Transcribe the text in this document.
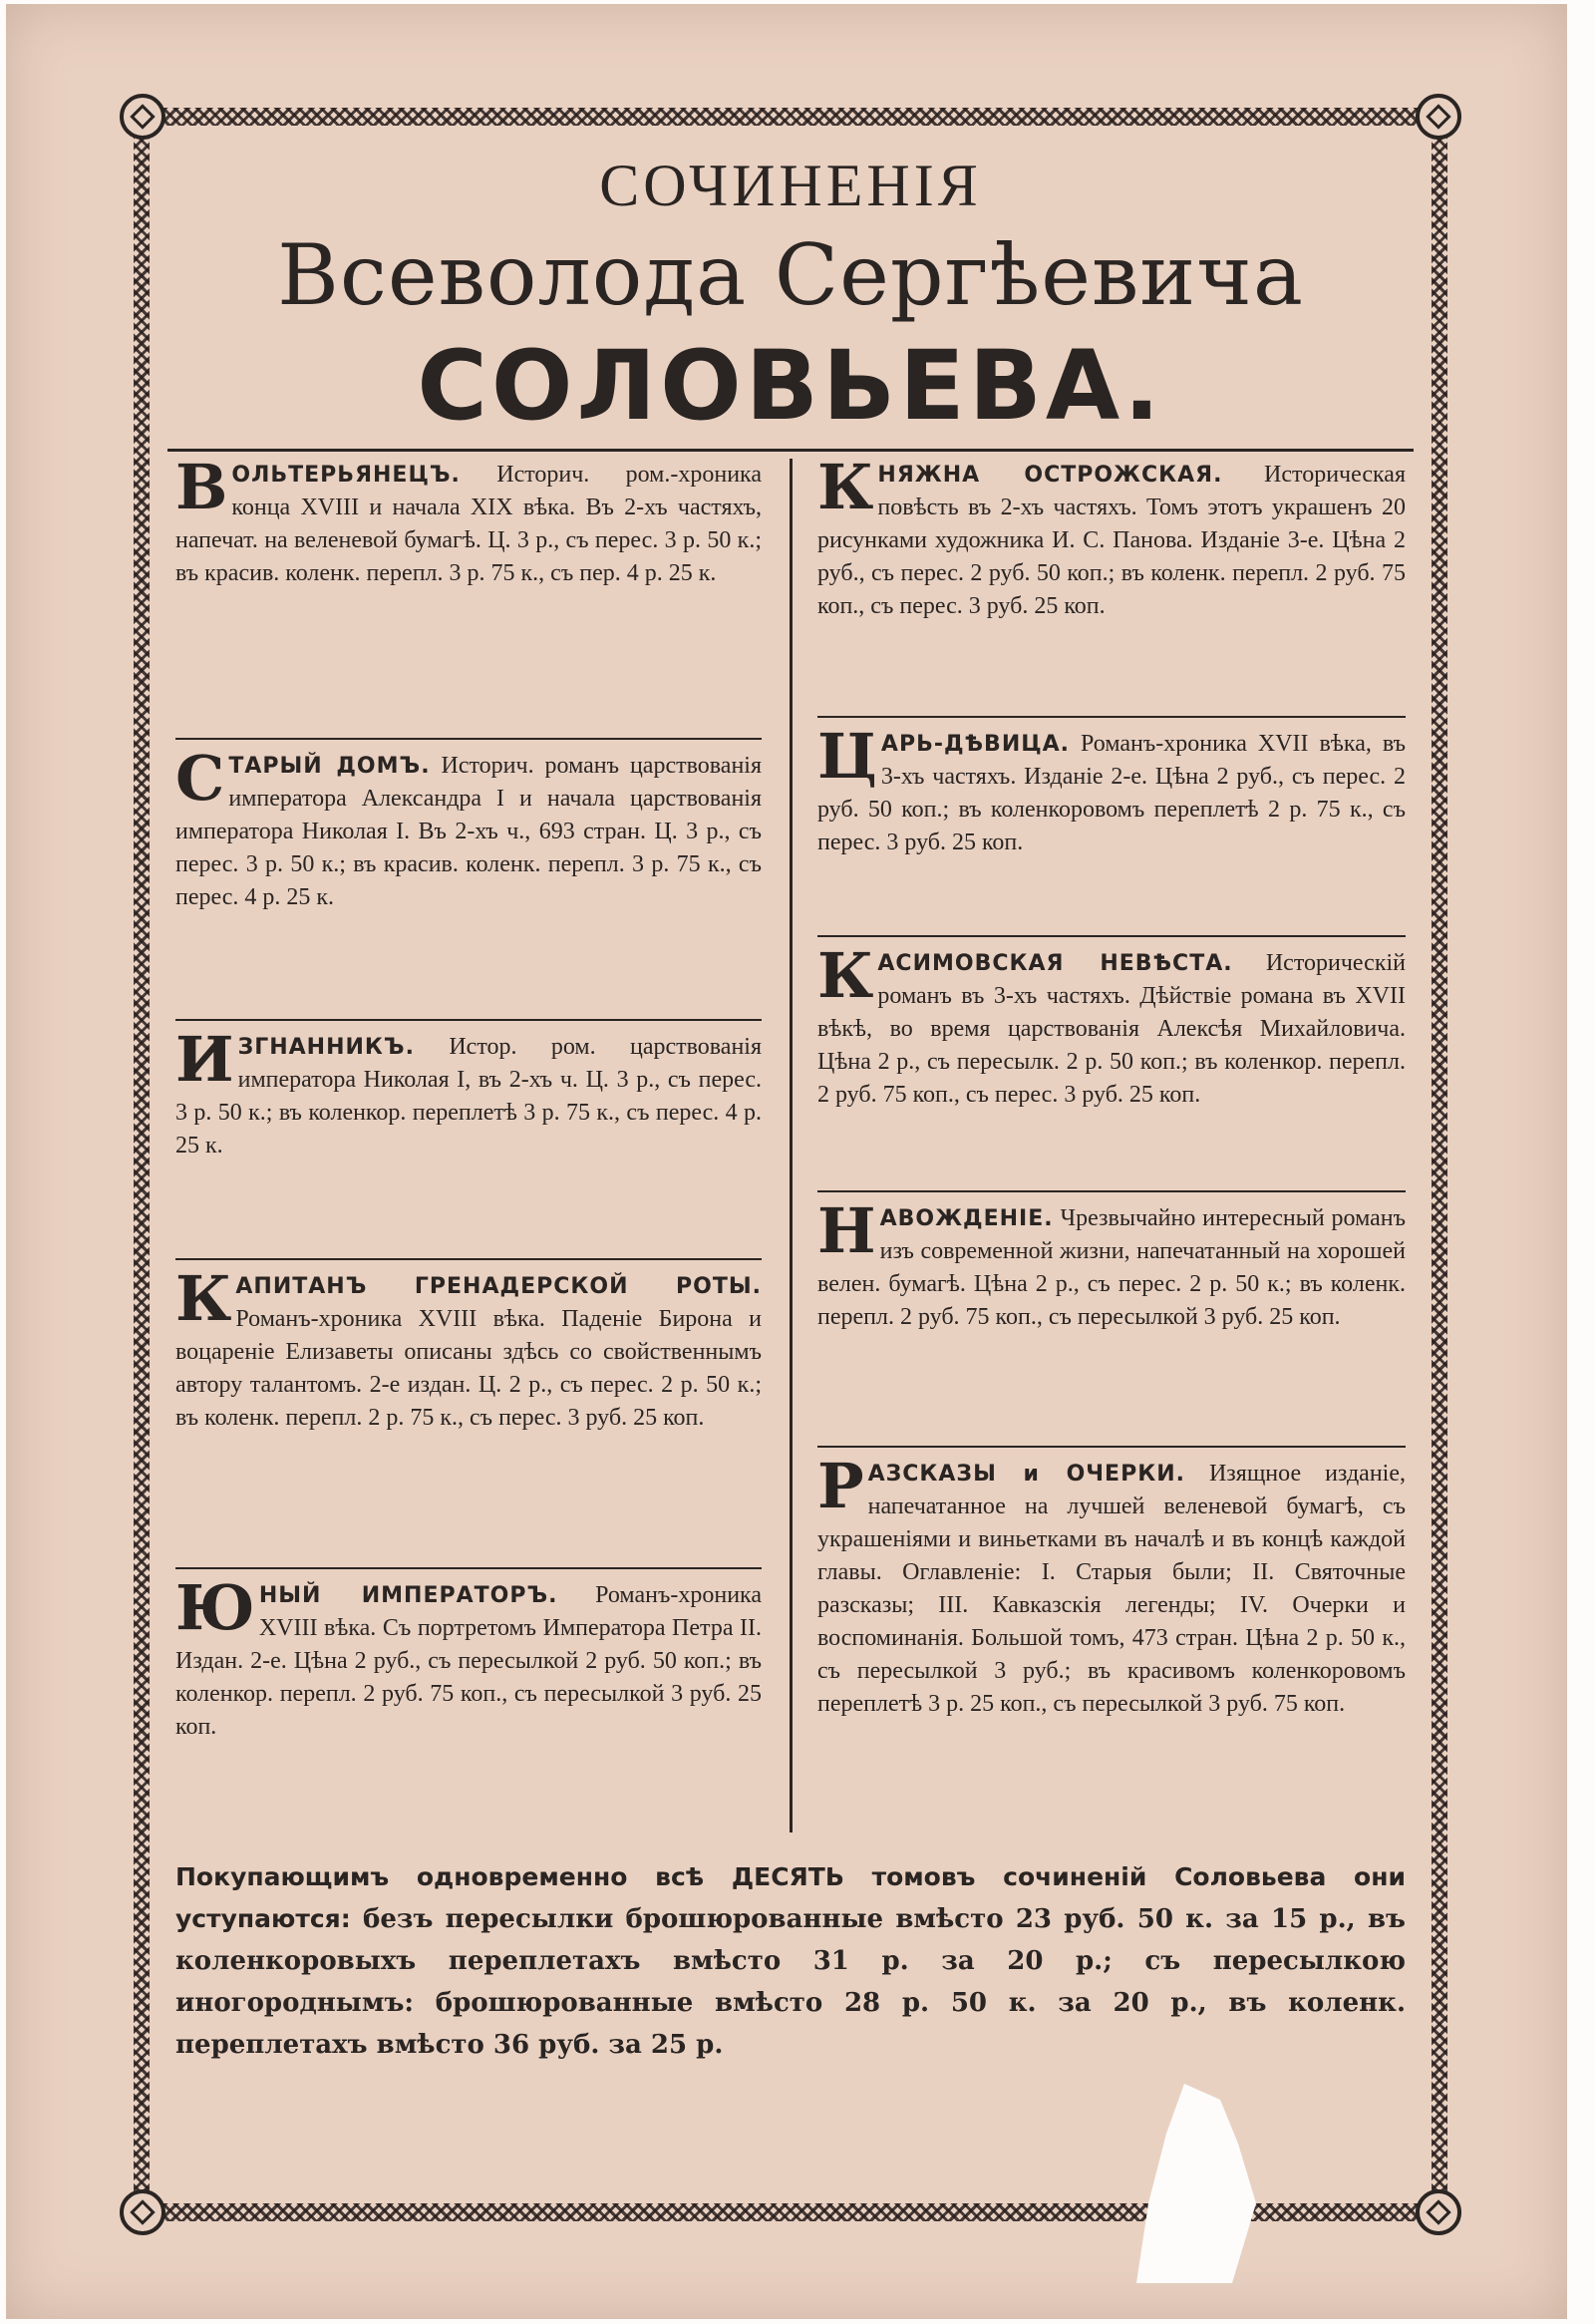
СОЧИНЕНIЯ
Всеволода Сергѣевича
СОЛОВЬЕВА.

ВОЛЬТЕРЬЯНЕЦЪ. Историч. ром.-хроника конца XVIII и начала XIX вѣка. Въ 2-хъ частяхъ, напечат. на веленевой бумагѣ. Ц. 3 р., съ перес. 3 р. 50 к.; въ красив. коленк. перепл. 3 р. 75 к., съ пер. 4 р. 25 к.

СТАРЫЙ ДОМЪ. Историч. романъ царствованія императора Александра I и начала царствованія императора Николая I. Въ 2-хъ ч., 693 стран. Ц. 3 р., съ перес. 3 р. 50 к.; въ красив. коленк. перепл. 3 р. 75 к., съ перес. 4 р. 25 к.

ИЗГНАННИКЪ. Истор. ром. царствованія императора Николая I, въ 2-хъ ч. Ц. 3 р., съ перес. 3 р. 50 к.; въ коленкор. переплетѣ 3 р. 75 к., съ перес. 4 р. 25 к.

КАПИТАНЪ ГРЕНАДЕРСКОЙ РОТЫ. Романъ-хроника XVIII вѣка. Паденіе Бирона и воцареніе Елизаветы описаны здѣсь со свойственнымъ автору талантомъ. 2-е издан. Ц. 2 р., съ перес. 2 р. 50 к.; въ коленк. перепл. 2 р. 75 к., съ перес. 3 руб. 25 коп.

ЮНЫЙ ИМПЕРАТОРЪ. Романъ-хроника XVIII вѣка. Съ портретомъ Императора Петра II. Издан. 2-е. Цѣна 2 руб., съ пересылкой 2 руб. 50 коп.; въ коленкор. перепл. 2 руб. 75 коп., съ пересылкой 3 руб. 25 коп.

КНЯЖНА ОСТРОЖСКАЯ. Историческая повѣсть въ 2-хъ частяхъ. Томъ этотъ украшенъ 20 рисунками художника И. С. Панова. Изданіе 3-е. Цѣна 2 руб., съ перес. 2 руб. 50 коп.; въ коленк. перепл. 2 руб. 75 коп., съ перес. 3 руб. 25 коп.

ЦАРЬ-ДѢВИЦА. Романъ-хроника XVII вѣка, въ 3-хъ частяхъ. Изданіе 2-е. Цѣна 2 руб., съ перес. 2 руб. 50 коп.; въ коленкоровомъ переплетѣ 2 р. 75 к., съ перес. 3 руб. 25 коп.

КАСИМОВСКАЯ НЕВѢСТА. Историческій романъ въ 3-хъ частяхъ. Дѣйствіе романа въ XVII вѣкѣ, во время царствованія Алексѣя Михайловича. Цѣна 2 р., съ пересылк. 2 р. 50 коп.; въ коленкор. перепл. 2 руб. 75 коп., съ перес. 3 руб. 25 коп.

НАВОЖДЕНІЕ. Чрезвычайно интересный романъ изъ современной жизни, напечатанный на хорошей велен. бумагѣ. Цѣна 2 р., съ перес. 2 р. 50 к.; въ коленк. перепл. 2 руб. 75 коп., съ пересылкой 3 руб. 25 коп.

РАЗСКАЗЫ и ОЧЕРКИ. Изящное изданіе, напечатанное на лучшей веленевой бумагѣ, съ украшеніями и виньетками въ началѣ и въ концѣ каждой главы. Оглавленіе: I. Старыя были; II. Святочные разсказы; III. Кавказскія легенды; IV. Очерки и воспоминанія. Большой томъ, 473 стран. Цѣна 2 р. 50 к., съ пересылкой 3 руб.; въ красивомъ коленкоровомъ переплетѣ 3 р. 25 коп., съ пересылкой 3 руб. 75 коп.

Покупающимъ одновременно всѣ ДЕСЯТЬ томовъ сочиненій Соловьева они уступаются: безъ пересылки брошюрованные вмѣсто 23 руб. 50 к. за 15 р., въ коленкоровыхъ переплетахъ вмѣсто 31 р. за 20 р.; съ пересылкою иногороднымъ: брошюрованные вмѣсто 28 р. 50 к. за 20 р., въ коленк. переплетахъ вмѣсто 36 руб. за 25 р.
